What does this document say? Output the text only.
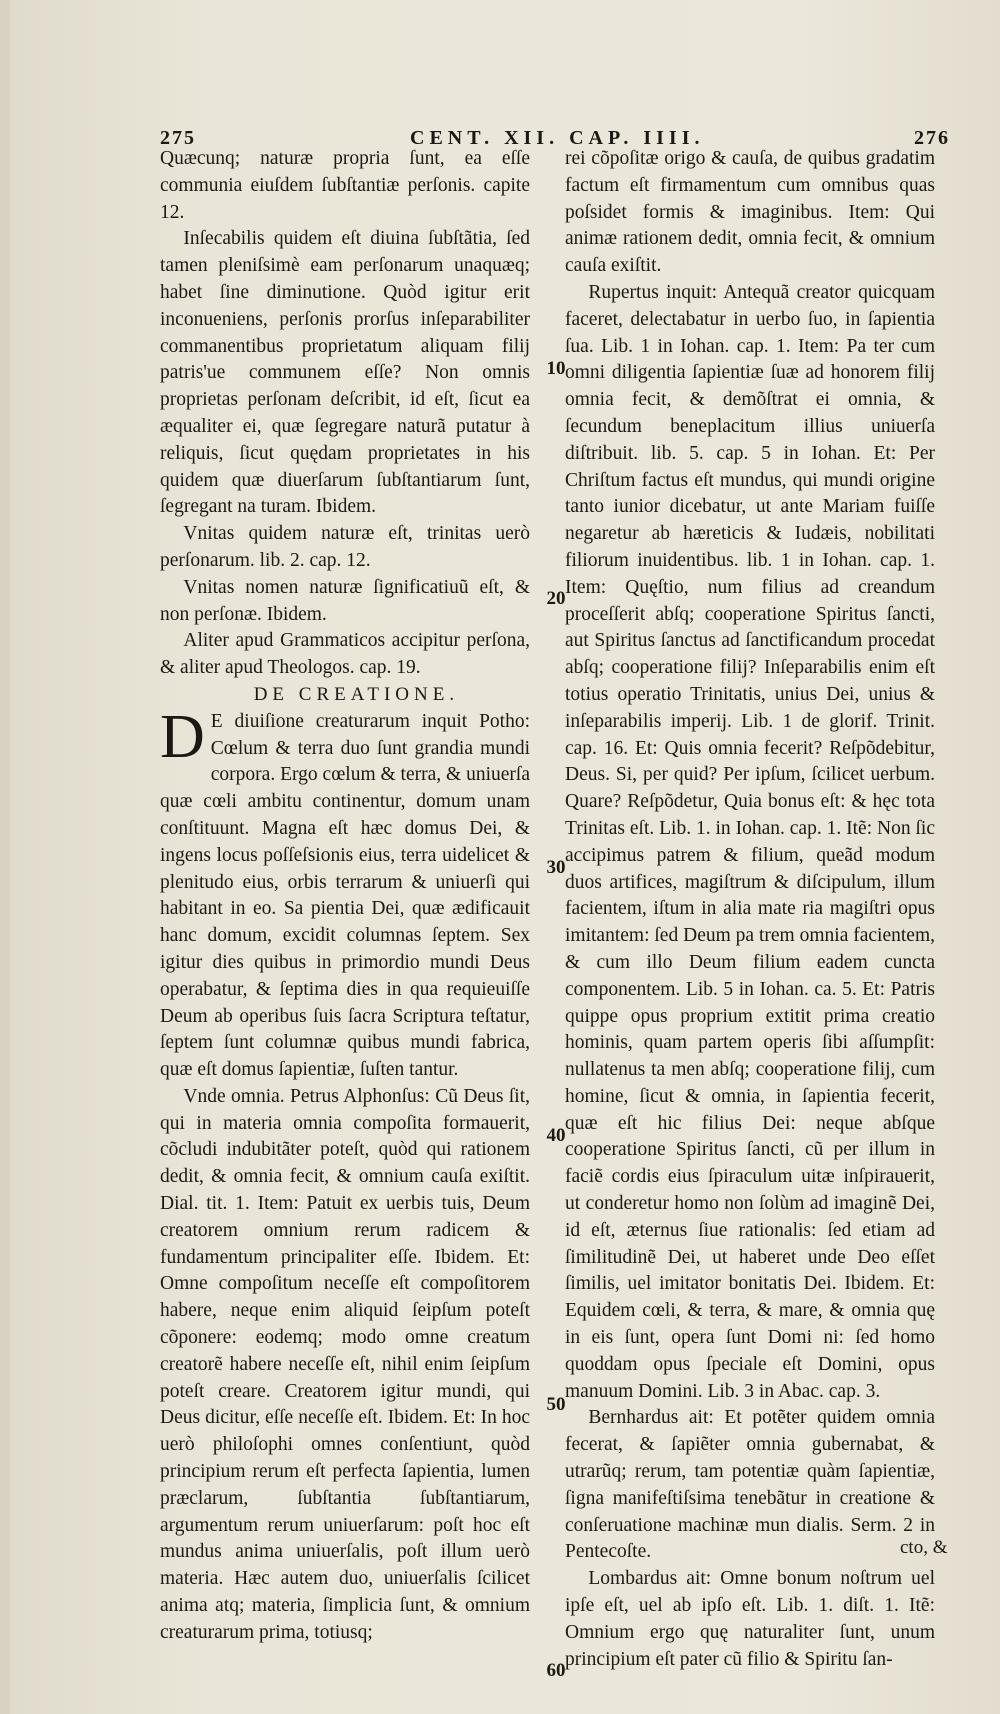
275	CENT. XII. CAP. IIII.	276

Quæcunq; naturæ propria ſunt, ea eſſe communia eiuſdem ſubſtantiæ perſonis. capite 12.

Inſecabilis quidem eſt diuina ſubſtãtia, ſed tamen pleniſsimè eam perſonarum unaquæq; habet ſine diminutione. Quòd igitur erit inconueniens, perſonis prorſus inſeparabiliter commanentibus proprietatum aliquam filij patris'ue communem eſſe? Non omnis proprietas perſonam deſcribit, id eſt, ſicut ea æqualiter ei, quæ ſegregare naturã putatur à reliquis, ſicut quędam proprietates in his quidem quæ diuerſarum ſubſtantiarum ſunt, ſegregant na turam. Ibidem.

Vnitas quidem naturæ eſt, trinitas uerò perſonarum. lib. 2. cap. 12.

Vnitas nomen naturæ ſignificatiuũ eſt, & non perſonæ. Ibidem.

Aliter apud Grammaticos accipitur perſona, & aliter apud Theologos. cap. 19.

DE CREATIONE.

D E diuiſione creaturarum inquit Potho: Cœlum & terra duo ſunt grandia mundi corpora. Ergo cœlum & terra, & uniuerſa quæ cœli ambitu continentur, domum unam conſtituunt. Magna eſt hæc domus Dei, & ingens locus poſſeſsionis eius, terra uidelicet & plenitudo eius, orbis terrarum & uniuerſi qui habitant in eo. Sa pientia Dei, quæ ædificauit hanc domum, excidit columnas ſeptem. Sex igitur dies quibus in primordio mundi Deus operabatur, & ſeptima dies in qua requieuiſſe Deum ab operibus ſuis ſacra Scriptura teſtatur, ſeptem ſunt columnæ quibus mundi fabrica, quæ eſt domus ſapientiæ, ſuſten tantur.

Vnde omnia. Petrus Alphonſus: Cũ Deus ſit, qui in materia omnia compoſita formauerit, cõcludi indubitãter poteſt, quòd qui rationem dedit, & omnia fecit, & omnium cauſa exiſtit. Dial. tit. 1. Item: Patuit ex uerbis tuis, Deum creatorem omnium rerum radicem & fundamentum principaliter eſſe. Ibidem. Et: Omne compoſitum neceſſe eſt compoſitorem habere, neque enim aliquid ſeipſum poteſt cõponere: eodemq; modo omne creatum creatorẽ habere neceſſe eſt, nihil enim ſeipſum poteſt creare. Creatorem igitur mundi, qui Deus dicitur, eſſe neceſſe eſt. Ibidem. Et: In hoc uerò philoſophi omnes conſentiunt, quòd principium rerum eſt perfecta ſapientia, lumen præclarum, ſubſtantia ſubſtantiarum, argumentum rerum uniuerſarum: poſt hoc eſt mundus anima uniuerſalis, poſt illum uerò materia. Hæc autem duo, uniuerſalis ſcilicet anima atq; materia, ſimplicia ſunt, & omnium creaturarum prima, totiusq;

10
20
30
40
50
60

rei cõpoſitæ origo & cauſa, de quibus gradatim factum eſt firmamentum cum omnibus quas poſsidet formis & imaginibus. Item: Qui animæ rationem dedit, omnia fecit, & omnium cauſa exiſtit.

Rupertus inquit: Antequã creator quicquam faceret, delectabatur in uerbo ſuo, in ſapientia ſua. Lib. 1 in Iohan. cap. 1. Item: Pa ter cum omni diligentia ſapientiæ ſuæ ad honorem filij omnia fecit, & demõſtrat ei omnia, & ſecundum beneplacitum illius uniuerſa diſtribuit. lib. 5. cap. 5 in Iohan. Et: Per Chriſtum factus eſt mundus, qui mundi origine tanto iunior dicebatur, ut ante Mariam fuiſſe negaretur ab hæreticis & Iudæis, nobilitati filiorum inuidentibus. lib. 1 in Iohan. cap. 1. Item: Quęſtio, num filius ad creandum proceſſerit abſq; cooperatione Spiritus ſancti, aut Spiritus ſanctus ad ſanctificandum procedat abſq; cooperatione filij? Inſeparabilis enim eſt totius operatio Trinitatis, unius Dei, unius & inſeparabilis imperij. Lib. 1 de glorif. Trinit. cap. 16. Et: Quis omnia fecerit? Reſpõdebitur, Deus. Si, per quid? Per ipſum, ſcilicet uerbum. Quare? Reſpõdetur, Quia bonus eſt: & hęc tota Trinitas eſt. Lib. 1. in Iohan. cap. 1. Itẽ: Non ſic accipimus patrem & filium, queãd modum duos artifices, magiſtrum & diſcipulum, illum facientem, iſtum in alia mate ria magiſtri opus imitantem: ſed Deum pa trem omnia facientem, & cum illo Deum filium eadem cuncta componentem. Lib. 5 in Iohan. ca. 5. Et: Patris quippe opus proprium extitit prima creatio hominis, quam partem operis ſibi aſſumpſit: nullatenus ta men abſq; cooperatione filij, cum homine, ſicut & omnia, in ſapientia fecerit, quæ eſt hic filius Dei: neque abſque cooperatione Spiritus ſancti, cũ per illum in faciẽ cordis eius ſpiraculum uitæ inſpirauerit, ut conderetur homo non ſolùm ad imaginẽ Dei, id eſt, æternus ſiue rationalis: ſed etiam ad ſimilitudinẽ Dei, ut haberet unde Deo eſſet ſimilis, uel imitator bonitatis Dei. Ibidem. Et: Equidem cœli, & terra, & mare, & omnia quę in eis ſunt, opera ſunt Domi ni: ſed homo quoddam opus ſpeciale eſt Domini, opus manuum Domini. Lib. 3 in Abac. cap. 3.

Bernhardus ait: Et potẽter quidem omnia fecerat, & ſapiẽter omnia gubernabat, & utrarũq; rerum, tam potentiæ quàm ſapientiæ, ſigna manifeſtiſsima tenebãtur in creatione & conſeruatione machinæ mun dialis. Serm. 2 in Pentecoſte.

Lombardus ait: Omne bonum noſtrum uel ipſe eſt, uel ab ipſo eſt. Lib. 1. diſt. 1. Itẽ: Omnium ergo quę naturaliter ſunt, unum principium eſt pater cũ filio & Spiritu ſan-

cto, &
